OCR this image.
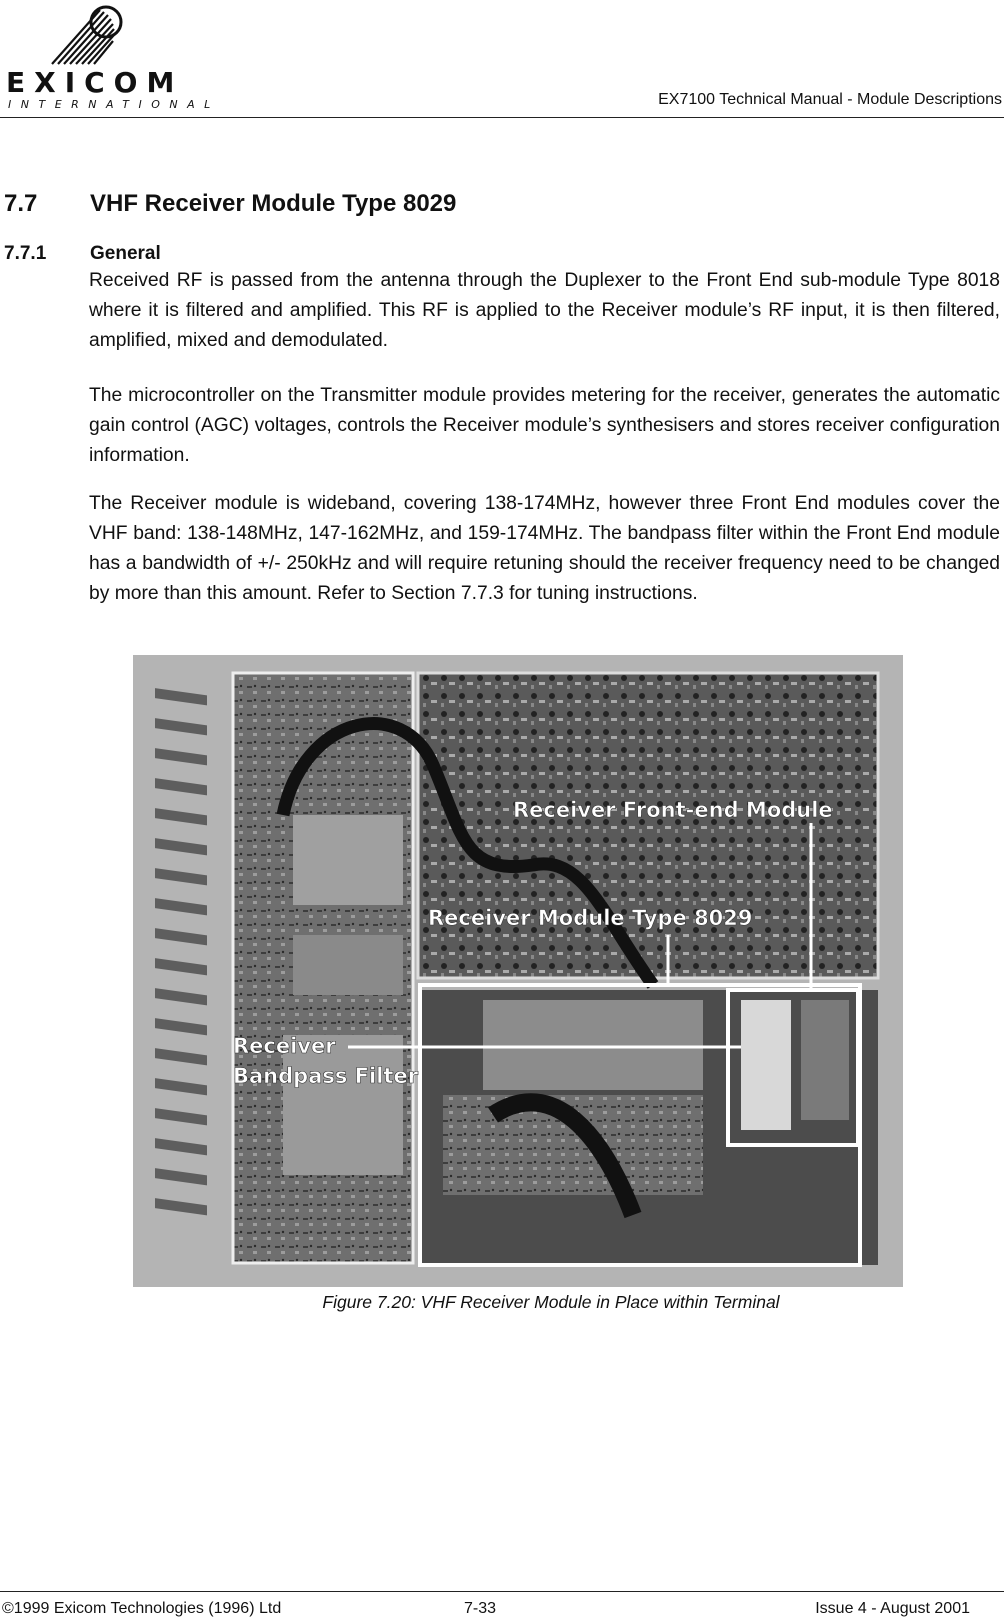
EXICOM
INTERNATIONAL	EX7100 Technical Manual - Module Descriptions
7.7 VHF Receiver Module Type 8029
7.7.1

Received RF is passed from the antenna through the Duplexer to the Front End sub-module Type 8018 where it is filtered and amplified. This RF is applied to the Receiver module’s RF input, it is then filtered, amplified, mixed and demodulated.

General

The microcontroller on the Transmitter module provides metering for the receiver, generates the automatic gain control (AGC) voltages, controls the Receiver module’s synthesisers and stores receiver configuration information.

The Receiver module is wideband, covering 138-174MHz, however three Front End modules cover the VHF band: 138-148MHz, 147-162MHz, and 159-174MHz. The bandpass filter within the Front End module has a bandwidth of +/- 250kHz and will require retuning should the receiver frequency need to be changed by more than this amount. Refer to Section 7.7.3 for tuning instructions.

Receiver Front-end Module
Receiver Module Type 8029
Receiver
Bandpass Filter
Figure 7.20: VHF Receiver Module in Place within Terminal
©1999 Exicom Technologies (1996) Ltd	7-33	Issue 4 - August 2001
